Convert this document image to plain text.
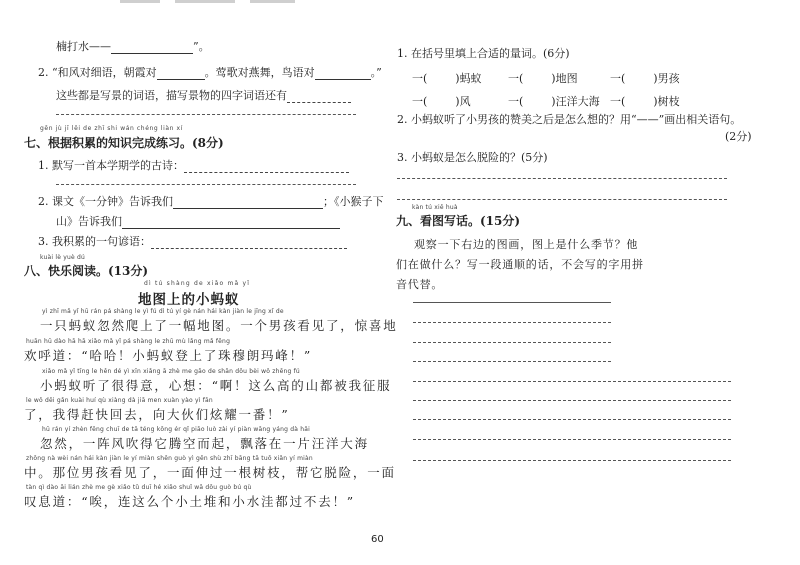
楠打水——	”。
2. “和风对细语，朝霞对	。莺歌对燕舞，鸟语对	。”
这些都是写景的词语，描写景物的四字词语还有
gēn jù jī lěi de zhī shi wán chéng liàn xí
七、根据积累的知识完成练习。(8分)
1. 默写一首本学期学的古诗：
2. 课文《一分钟》告诉我们	；《小猴子下
山》告诉我们
3. 我积累的一句谚语：
kuài lè yuè dú
八、快乐阅读。(13分)
dì tú shàng de xiǎo mǎ yǐ
地图上的小蚂蚁
yì zhī mǎ yǐ hū rán pá shàng le yì fú dì tú yí gè nán hái kàn jiàn le jīng xǐ de
一只蚂蚁忽然爬上了一幅地图。一个男孩看见了，惊喜地
huān hū dào hā hā xiǎo mǎ yǐ pá shàng le zhū mù lǎng mǎ fēng
欢呼道：“哈哈！小蚂蚁登上了珠穆朗玛峰！”
xiǎo mǎ yǐ tīng le hěn dé yì xīn xiǎng ā zhè me gāo de shān dōu bèi wǒ zhēng fú
小蚂蚁听了很得意，心想：“啊！这么高的山都被我征服
le wǒ děi gǎn kuài huí qù xiàng dà jiā men xuàn yào yì fān
了，我得赶快回去，向大伙们炫耀一番！”
hū rán yí zhèn fēng chuī de tā téng kōng ér qǐ piāo luò zài yí piàn wāng yáng dà hǎi
忽然，一阵风吹得它腾空而起，飘落在一片汪洋大海
zhōng nà wèi nán hái kàn jiàn le yí miàn shēn guò yì gēn shù zhī bāng tā tuō xiǎn yí miàn
中。那位男孩看见了，一面伸过一根树枝，帮它脱险，一面
tàn qì dào āi lián zhè me gè xiǎo tǔ duī hé xiǎo shuǐ wā dōu guò bú qù
叹息道：“唉，连这么个小土堆和小水洼都过不去！”
1. 在括号里填上合适的量词。(6分)
一(	)蚂蚁 一(	)地图	一(	)男孩
一(	)风	一(	)汪洋大海 一(	)树枝
2. 小蚂蚁听了小男孩的赞美之后是怎么想的？用“——”画出相关语句。
(2分)
3. 小蚂蚁是怎么脱险的？(5分)
kàn tú xiě huà
九、看图写话。(15分)
观察一下右边的图画，图上是什么季节？他
们在做什么？写一段通顺的话，不会写的字用拼
音代替。
60
